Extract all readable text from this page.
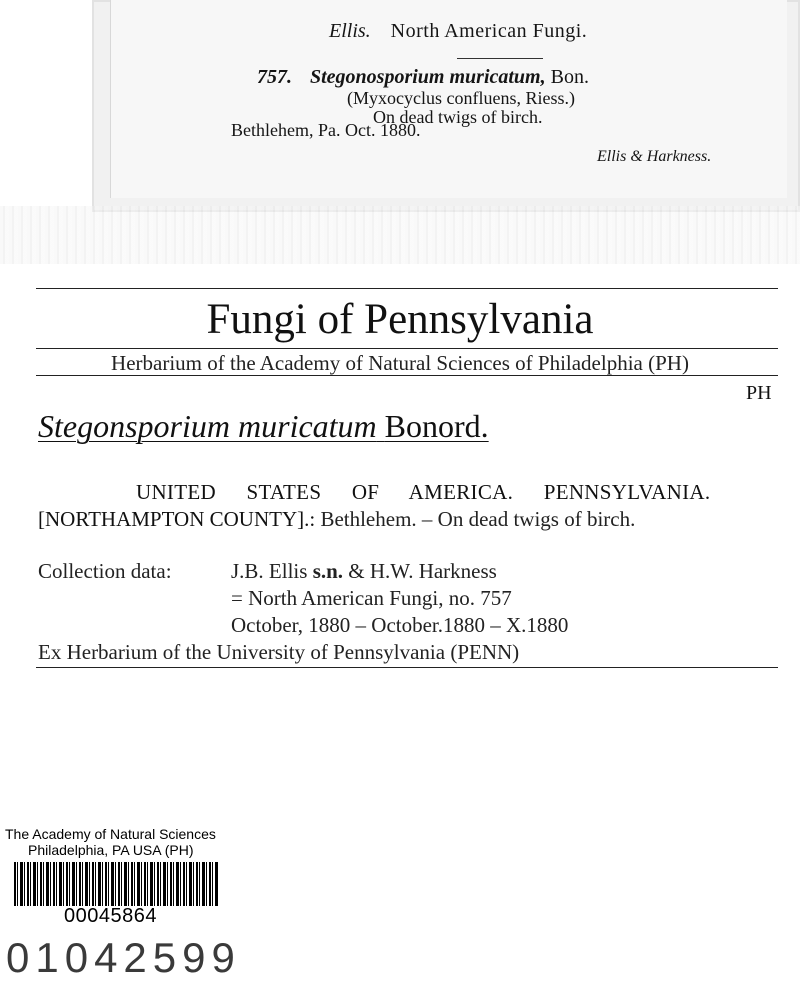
Ellis. North American Fungi.
757. Stegonosporium muricatum, Bon.
(Myxocyclus confluens, Riess.)
On dead twigs of birch.
Bethlehem, Pa. Oct. 1880.
Ellis & Harkness.
Fungi of Pennsylvania
Herbarium of the Academy of Natural Sciences of Philadelphia (PH)
PH
Stegonsporium muricatum Bonord.
UNITED STATES OF AMERICA. PENNSYLVANIA.
[NORTHAMPTON COUNTY].: Bethlehem. – On dead twigs of birch.
Collection data:	J.B. Ellis s.n. & H.W. Harkness
= North American Fungi, no. 757
October, 1880 – October.1880 – X.1880
Ex Herbarium of the University of Pennsylvania (PENN)
The Academy of Natural Sciences
Philadelphia, PA USA (PH)
00045864
01042599
